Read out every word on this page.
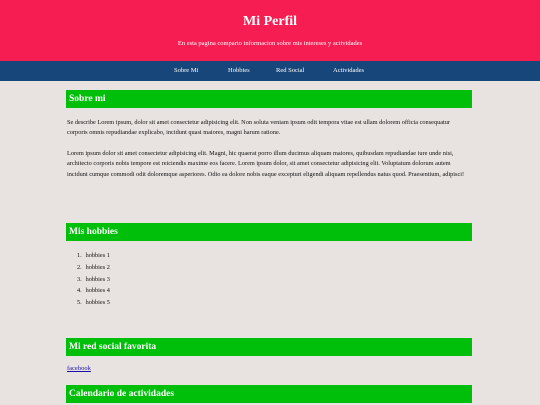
Mi Perfil

En esta pagina comparto informacion sobre mis intereses y actividades

Sobre Mi	Hobbies	Red Social	Actividades
Sobre mi

Se describe Lorem ipsum, dolor sit amet consectetur adipisicing elit. Non soluta veniam ipsum odit tempora vitae est ullam dolorem officia consequatur corporis omnis repudiandae explicabo, incidunt quasi maiores, magni harum ratione.

Lorem ipsum dolor sit amet consectetur adipisicing elit. Magni, hic quaerat porro illum ducimus aliquam maiores, quibusdam repudiandae iure unde nisi, architecto corporis nobis tempore est reiciendis maxime eos facere. Lorem ipsum dolor, sit amet consectetur adipisicing elit. Voluptatum dolorum autem incidunt cumque commodi odit doloremque asperiores. Odio ea dolore nobis eaque excepturi eligendi aliquam repellendus natus quod. Praesentium, adipisci!

Mis hobbies
1. hobbies 1
2. hobbies 2
3. hobbies 3
4. hobbies 4
5. hobbies 5
Mi red social favorita
facebook
Calendario de actividades
